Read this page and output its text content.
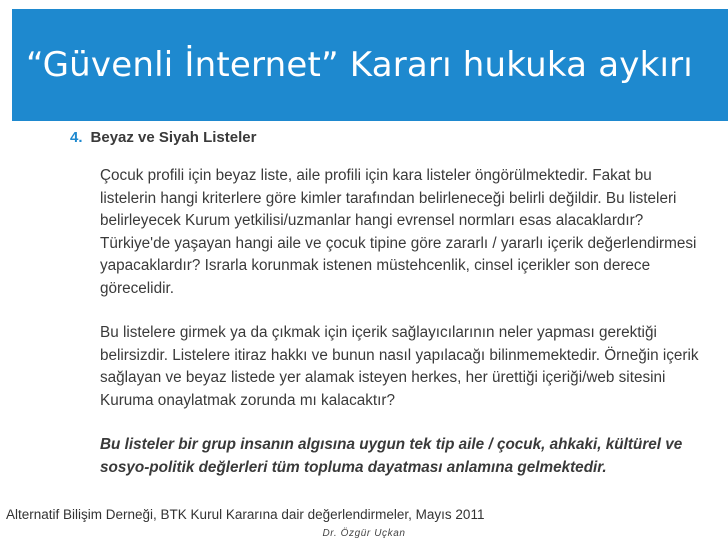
“Güvenli İnternet” Kararı hukuka aykırı
4. Beyaz ve Siyah Listeler

Çocuk profili için beyaz liste, aile profili için kara listeler öngörülmektedir. Fakat bu listelerin hangi kriterlere göre kimler tarafından belirleneceği belirli değildir. Bu listeleri belirleyecek Kurum yetkilisi/uzmanlar hangi evrensel normları esas alacaklardır? Türkiye'de yaşayan hangi aile ve çocuk tipine göre zararlı / yararlı içerik değerlendirmesi yapacaklardır? Israrla korunmak istenen müstehcenlik, cinsel içerikler son derece görecelidir.

Bu listelere girmek ya da çıkmak için içerik sağlayıcılarının neler yapması gerektiği belirsizdir. Listelere itiraz hakkı ve bunun nasıl yapılacağı bilinmemektedir. Örneğin içerik sağlayan ve beyaz listede yer alamak isteyen herkes, her ürettiği içeriği/web sitesini Kuruma onaylatmak zorunda mı kalacaktır?

Bu listeler bir grup insanın algısına uygun tek tip aile / çocuk, ahkaki, kültürel ve sosyo-politik değlerleri tüm topluma dayatması anlamına gelmektedir.

Alternatif Bilişim Derneği, BTK Kurul Kararına dair değerlendirmeler, Mayıs 2011
Dr. Özgür Uçkan
